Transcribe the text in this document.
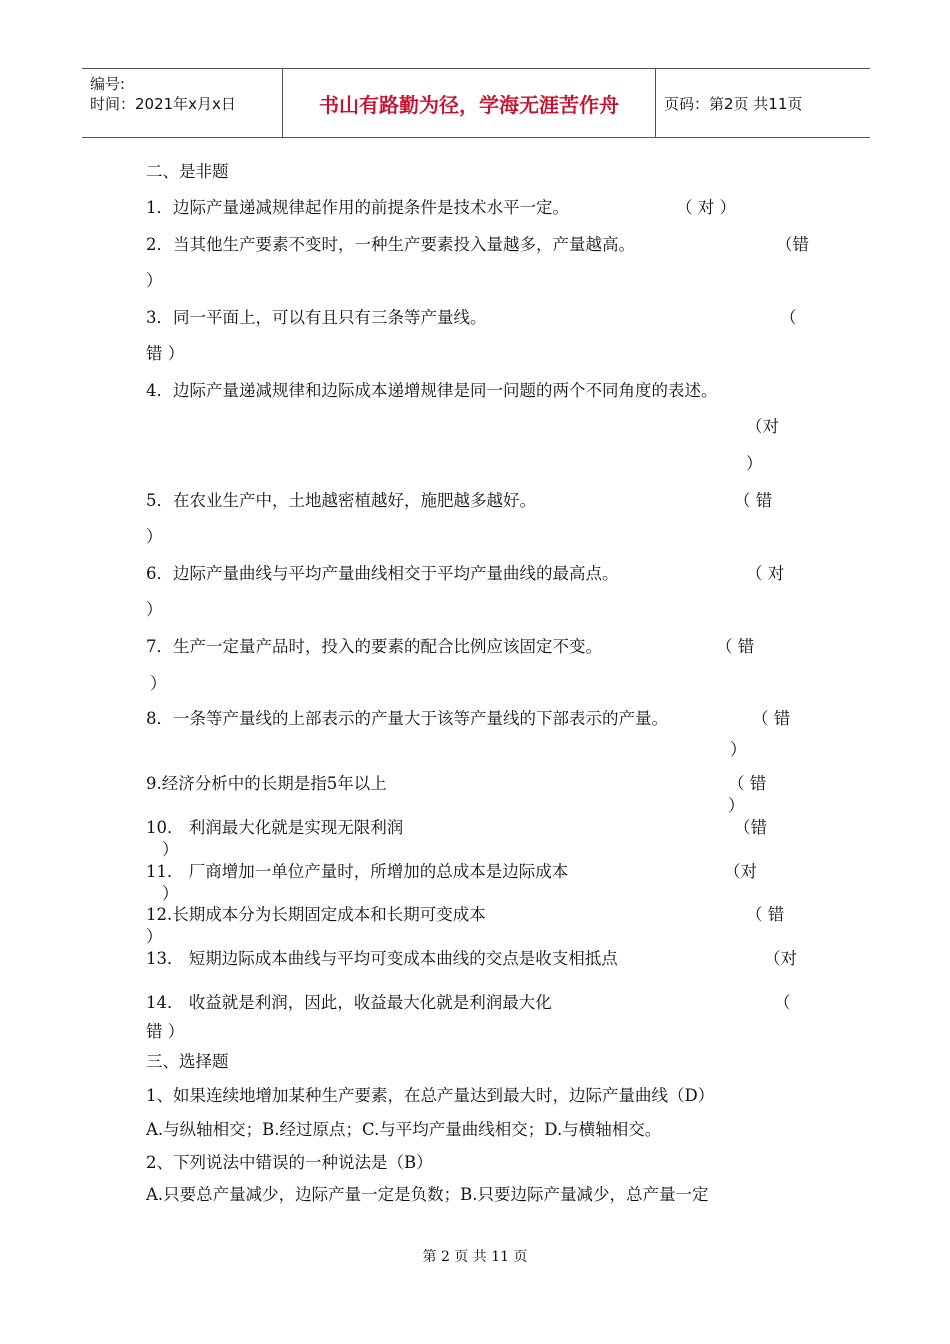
编号:
时间：2021年x月x日	书山有路勤为径，学海无涯苦作舟	页码：第2页 共11页
二、是非题
1．边际产量递减规律起作用的前提条件是技术水平一定。	（ 对 ）
2．当其他生产要素不变时，一种生产要素投入量越多，产量越高。	（错
）
3．同一平面上，可以有且只有三条等产量线。	（
错 ）
4．边际产量递减规律和边际成本递增规律是同一问题的两个不同角度的表述。
（对
）
5．在农业生产中，土地越密植越好，施肥越多越好。	（ 错
）
6．边际产量曲线与平均产量曲线相交于平均产量曲线的最高点。	（ 对
）
7．生产一定量产品时，投入的要素的配合比例应该固定不变。	（ 错
）
8．一条等产量线的上部表示的产量大于该等产量线的下部表示的产量。	（ 错
）
9.经济分析中的长期是指5年以上	（ 错
）
10． 利润最大化就是实现无限利润	（错
）
11． 厂商增加一单位产量时，所增加的总成本是边际成本	（对
）
12.长期成本分为长期固定成本和长期可变成本	（ 错
）
13． 短期边际成本曲线与平均可变成本曲线的交点是收支相抵点	（对
14． 收益就是利润，因此，收益最大化就是利润最大化	（
错 ）
三、选择题
1、如果连续地增加某种生产要素，在总产量达到最大时，边际产量曲线（D）
A.与纵轴相交；B.经过原点；C.与平均产量曲线相交；D.与横轴相交。
2、下列说法中错误的一种说法是（B）
A.只要总产量减少，边际产量一定是负数；B.只要边际产量减少，总产量一定
第 2 页 共 11 页
